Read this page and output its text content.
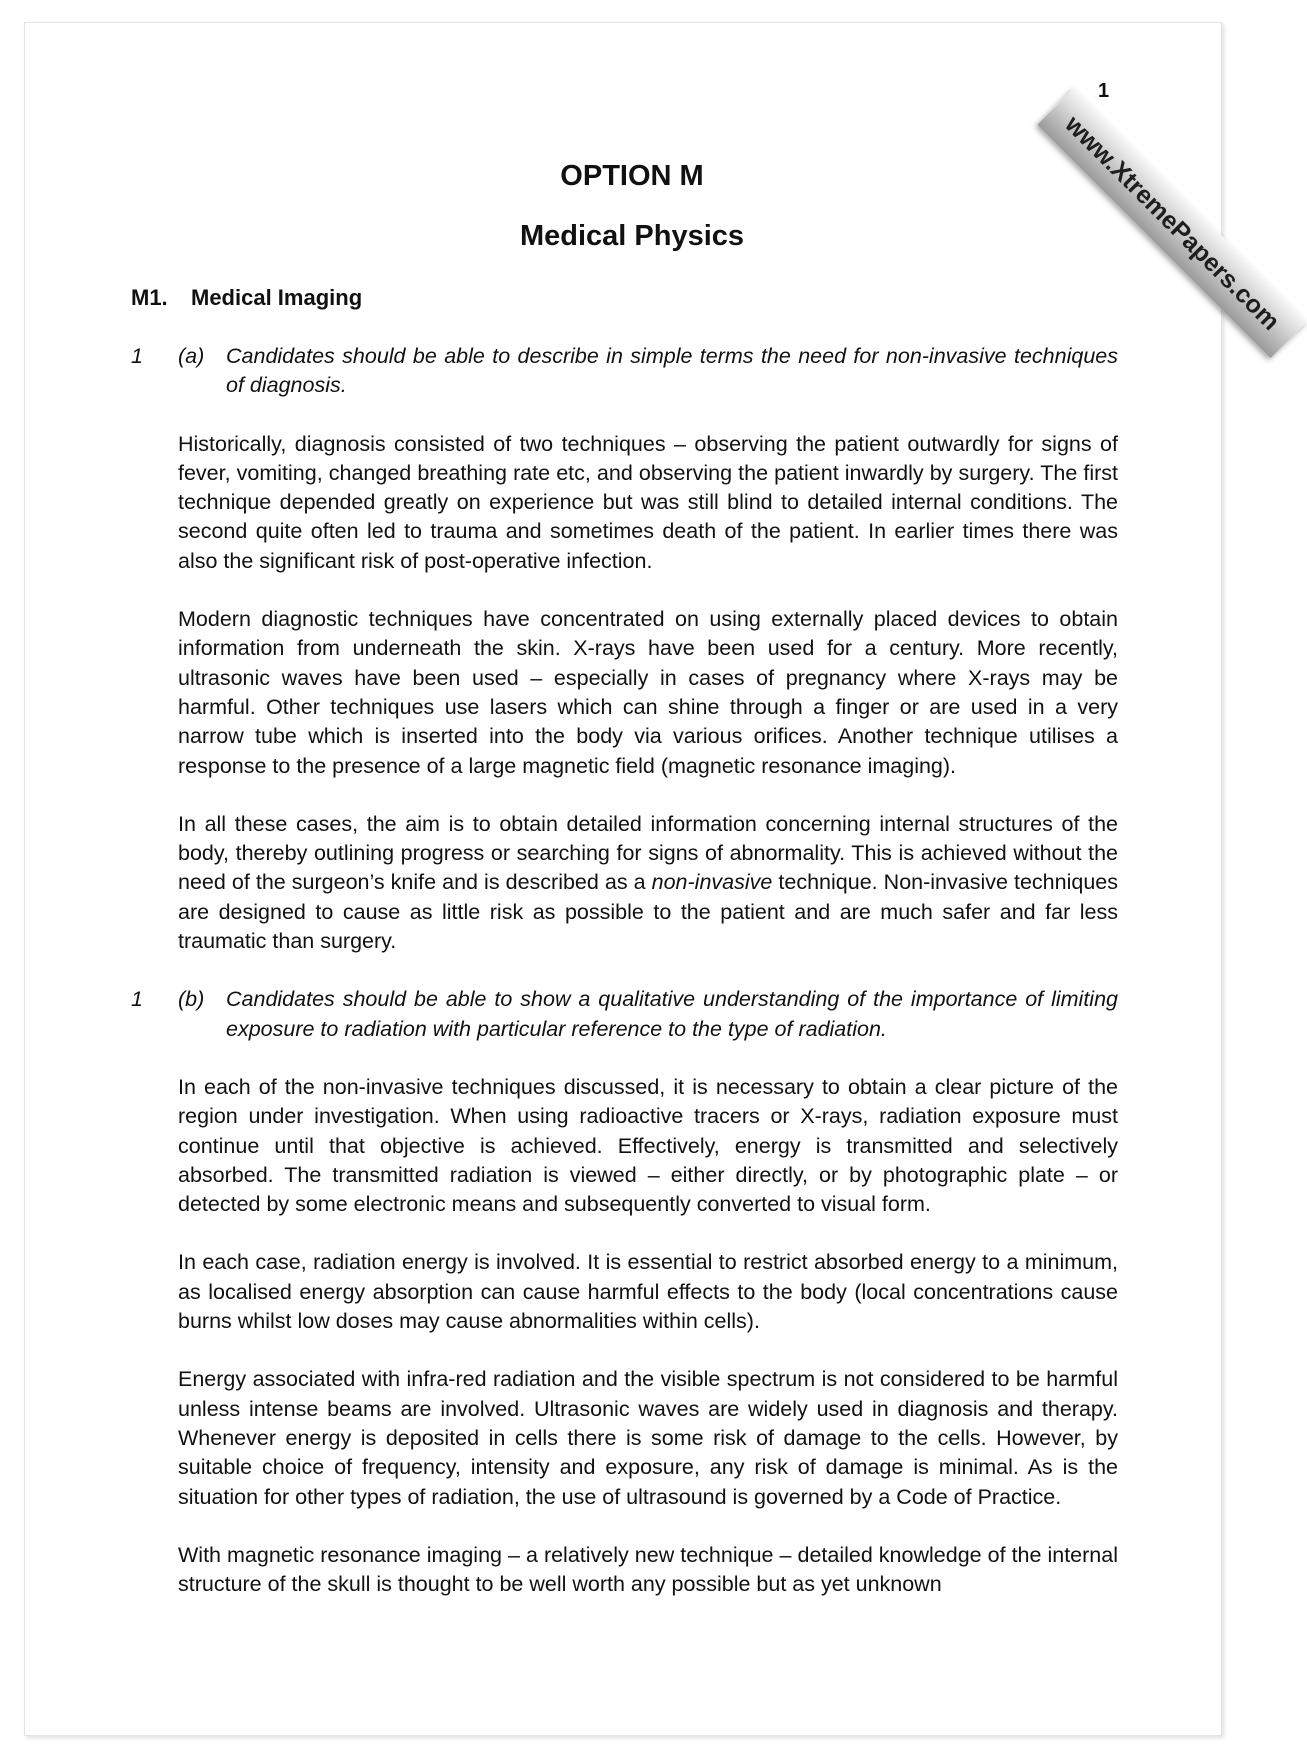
www.XtremePapers.com
1
OPTION M
Medical Physics
M1. Medical Imaging
1 (a) Candidates should be able to describe in simple terms the need for non-invasive techniques of diagnosis.

Historically, diagnosis consisted of two techniques – observing the patient outwardly for signs of fever, vomiting, changed breathing rate etc, and observing the patient inwardly by surgery. The first technique depended greatly on experience but was still blind to detailed internal conditions. The second quite often led to trauma and sometimes death of the patient. In earlier times there was also the significant risk of post-operative infection.

Modern diagnostic techniques have concentrated on using externally placed devices to obtain information from underneath the skin. X-rays have been used for a century. More recently, ultrasonic waves have been used – especially in cases of pregnancy where X-rays may be harmful. Other techniques use lasers which can shine through a finger or are used in a very narrow tube which is inserted into the body via various orifices. Another technique utilises a response to the presence of a large magnetic field (magnetic resonance imaging).

In all these cases, the aim is to obtain detailed information concerning internal structures of the body, thereby outlining progress or searching for signs of abnormality. This is achieved without the need of the surgeon’s knife and is described as a non-invasive technique. Non-invasive techniques are designed to cause as little risk as possible to the patient and are much safer and far less traumatic than surgery.

1 (b) Candidates should be able to show a qualitative understanding of the importance of limiting exposure to radiation with particular reference to the type of radiation.

In each of the non-invasive techniques discussed, it is necessary to obtain a clear picture of the region under investigation. When using radioactive tracers or X-rays, radiation exposure must continue until that objective is achieved. Effectively, energy is transmitted and selectively absorbed. The transmitted radiation is viewed – either directly, or by photographic plate – or detected by some electronic means and subsequently converted to visual form.

In each case, radiation energy is involved. It is essential to restrict absorbed energy to a minimum, as localised energy absorption can cause harmful effects to the body (local concentrations cause burns whilst low doses may cause abnormalities within cells).

Energy associated with infra-red radiation and the visible spectrum is not considered to be harmful unless intense beams are involved. Ultrasonic waves are widely used in diagnosis and therapy. Whenever energy is deposited in cells there is some risk of damage to the cells. However, by suitable choice of frequency, intensity and exposure, any risk of damage is minimal. As is the situation for other types of radiation, the use of ultrasound is governed by a Code of Practice.

With magnetic resonance imaging – a relatively new technique – detailed knowledge of the internal structure of the skull is thought to be well worth any possible but as yet unknown
